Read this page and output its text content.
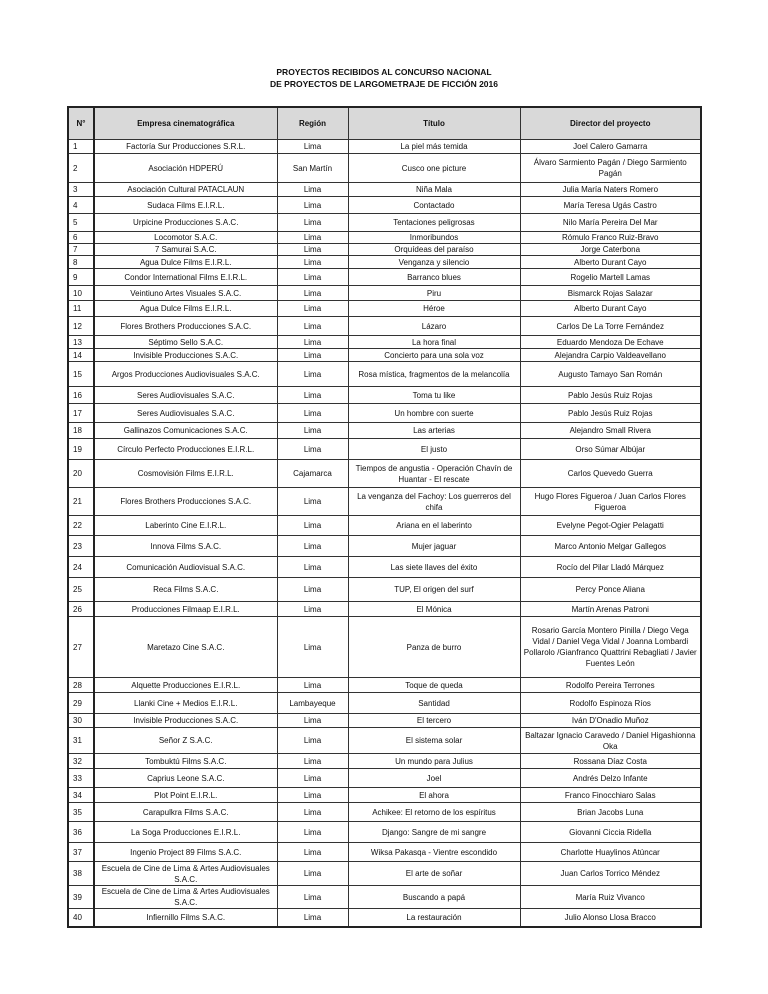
PROYECTOS RECIBIDOS AL CONCURSO NACIONAL
DE PROYECTOS DE LARGOMETRAJE DE FICCIÓN 2016
N°	Empresa cinematográfica	Región	Título	Director del proyecto
1	Factoría Sur Producciones S.R.L.	Lima	La piel más temida	Joel Calero Gamarra
2	Asociación HDPERÚ	San Martín	Cusco one picture	Álvaro Sarmiento Pagán / Diego Sarmiento Pagán
3	Asociación Cultural PATACLAUN	Lima	Niña Mala	Julia María Naters Romero
4	Sudaca Films E.I.R.L.	Lima	Contactado	María Teresa Ugás Castro
5	Urpicine Producciones S.A.C.	Lima	Tentaciones peligrosas	Nilo María Pereira Del Mar
6	Locomotor S.A.C.	Lima	Inmoribundos	Rómulo Franco Ruiz-Bravo
7	7 Samurai S.A.C.	Lima	Orquídeas del paraíso	Jorge Caterbona
8	Agua Dulce Films E.I.R.L.	Lima	Venganza y silencio	Alberto Durant Cayo
9	Condor International Films E.I.R.L.	Lima	Barranco blues	Rogelio Martell Lamas
10	Veintiuno Artes Visuales S.A.C.	Lima	Piru	Bismarck Rojas Salazar
11	Agua Dulce Films E.I.R.L.	Lima	Héroe	Alberto Durant Cayo
12	Flores Brothers Producciones S.A.C.	Lima	Lázaro	Carlos De La Torre Fernández
13	Séptimo Sello S.A.C.	Lima	La hora final	Eduardo Mendoza De Echave
14	Invisible Producciones S.A.C.	Lima	Concierto para una sola voz	Alejandra Carpio Valdeavellano
15	Argos Producciones Audiovisuales S.A.C.	Lima	Rosa mística, fragmentos de la melancolía	Augusto Tamayo San Román
16	Seres Audiovisuales S.A.C.	Lima	Toma tu like	Pablo Jesús Ruiz Rojas
17	Seres Audiovisuales S.A.C.	Lima	Un hombre con suerte	Pablo Jesús Ruiz Rojas
18	Gallinazos Comunicaciones S.A.C.	Lima	Las arterias	Alejandro Small Rivera
19	Círculo Perfecto Producciones E.I.R.L.	Lima	El justo	Orso Súmar Albújar
20	Cosmovisión Films E.I.R.L.	Cajamarca	Tiempos de angustia - Operación Chavín de Huantar - El rescate	Carlos Quevedo Guerra
21	Flores Brothers Producciones S.A.C.	Lima	La venganza del Fachoy: Los guerreros del chifa	Hugo Flores Figueroa / Juan Carlos Flores Figueroa
22	Laberinto Cine E.I.R.L.	Lima	Ariana en el laberinto	Evelyne Pegot-Ogier Pelagatti
23	Innova Films S.A.C.	Lima	Mujer jaguar	Marco Antonio Melgar Gallegos
24	Comunicación Audiovisual S.A.C.	Lima	Las siete llaves del éxito	Rocío del Pilar Lladó Márquez
25	Reca Films S.A.C.	Lima	TUP, El origen del surf	Percy Ponce Aliana
26	Producciones Filmaap E.I.R.L.	Lima	El Mónica	Martín Arenas Patroni
27	Maretazo Cine S.A.C.	Lima	Panza de burro	Rosario García Montero Pinilla / Diego Vega Vidal / Daniel Vega Vidal / Joanna Lombardi Pollarolo /Gianfranco Quattrini Rebagliati / Javier Fuentes León
28	Alquette Producciones E.I.R.L.	Lima	Toque de queda	Rodolfo Pereira Terrones
29	Llanki Cine + Medios E.I.R.L.	Lambayeque	Santidad	Rodolfo Espinoza Ríos
30	Invisible Producciones S.A.C.	Lima	El tercero	Iván D'Onadio Muñoz
31	Señor Z S.A.C.	Lima	El sistema solar	Baltazar Ignacio Caravedo / Daniel Higashionna Oka
32	Tombuktú Films S.A.C.	Lima	Un mundo para Julius	Rossana Díaz Costa
33	Caprius Leone S.A.C.	Lima	Joel	Andrés Delzo Infante
34	Plot Point E.I.R.L.	Lima	El ahora	Franco Finocchiaro Salas
35	Carapulkra Films S.A.C.	Lima	Achikee: El retorno de los espíritus	Brian Jacobs Luna
36	La Soga Producciones E.I.R.L.	Lima	Django: Sangre de mi sangre	Giovanni Ciccia Ridella
37	Ingenio Project 89 Films S.A.C.	Lima	Wiksa Pakasqa - Vientre escondido	Charlotte Huaylinos Atúncar
38	Escuela de Cine de Lima & Artes Audiovisuales S.A.C.	Lima	El arte de soñar	Juan Carlos Torrico Méndez
39	Escuela de Cine de Lima & Artes Audiovisuales S.A.C.	Lima	Buscando a papá	María Ruiz Vivanco
40	Infiernillo Films S.A.C.	Lima	La restauración	Julio Alonso Llosa Bracco
